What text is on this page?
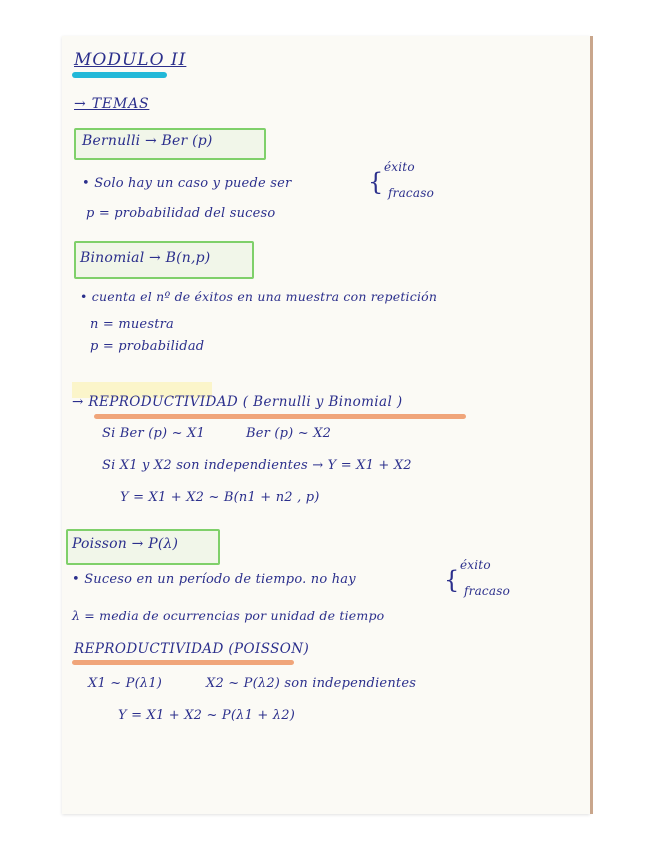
MODULO II

→ TEMAS

Bernulli → Ber (p)

• Solo hay un caso y puede ser	{

éxito

fracaso

p = probabilidad del suceso

Binomial → B(n,p)

• cuenta el nº de éxitos en una muestra con repetición

n = muestra

p = probabilidad

→ REPRODUCTIVIDAD ( Bernulli y Binomial )

Si Ber (p) ~ X1	Ber (p) ~ X2

Si X1 y X2 son independientes → Y = X1 + X2

Y = X1 + X2 ~ B(n1 + n2 , p)

Poisson → P(λ)

• Suceso en un período de tiempo. no hay	{

éxito

fracaso

λ = media de ocurrencias por unidad de tiempo

REPRODUCTIVIDAD (POISSON)

X1 ~ P(λ1)	X2 ~ P(λ2) son independientes

Y = X1 + X2 ~ P(λ1 + λ2)
